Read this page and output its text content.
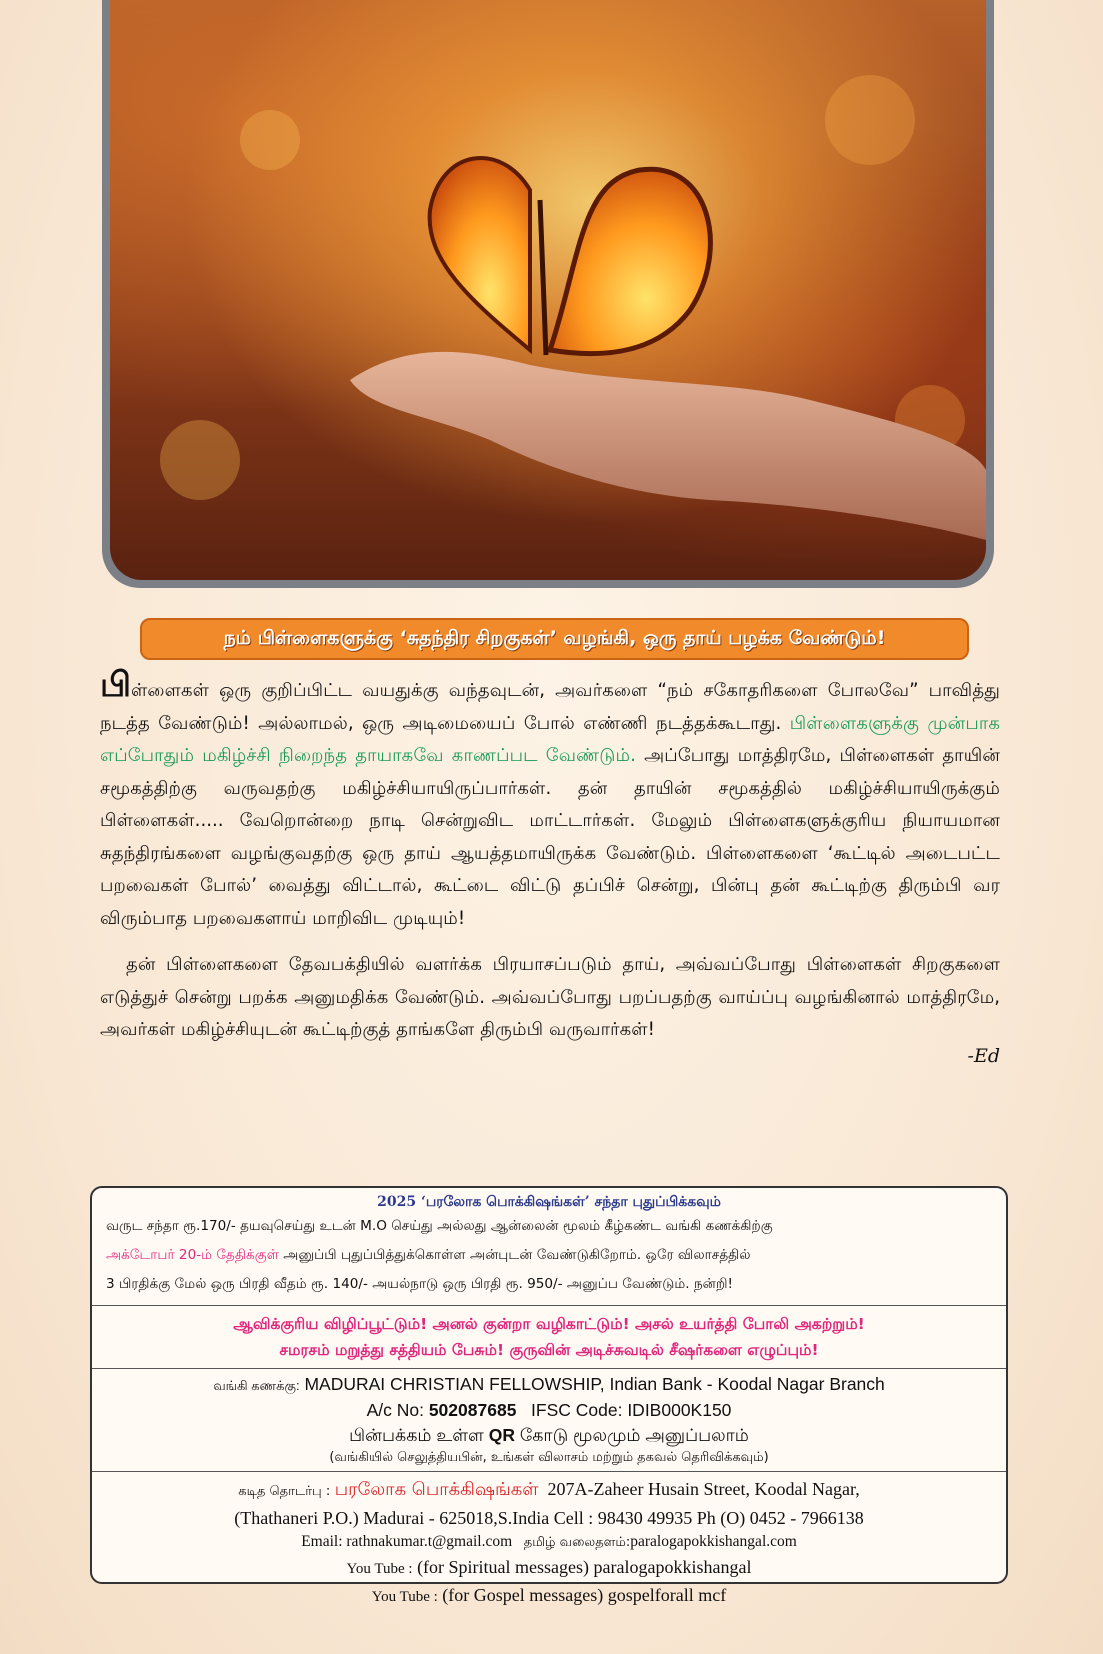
நம் பிள்ளைகளுக்கு ‘சுதந்திர சிறகுகள்’ வழங்கி, ஒரு தாய் பழக்க வேண்டும்!

பிள்ளைகள் ஒரு குறிப்பிட்ட வயதுக்கு வந்தவுடன், அவர்களை “நம் சகோதரிகளை போலவே” பாவித்து நடத்த வேண்டும்! அல்லாமல், ஒரு அடிமையைப் போல் எண்ணி நடத்தக்கூடாது. பிள்ளைகளுக்கு முன்பாக எப்போதும் மகிழ்ச்சி நிறைந்த தாயாகவே காணப்பட வேண்டும். அப்போது மாத்திரமே, பிள்ளைகள் தாயின் சமூகத்திற்கு வருவதற்கு மகிழ்ச்சியாயிருப்பார்கள். தன் தாயின் சமூகத்தில் மகிழ்ச்சியாயிருக்கும் பிள்ளைகள்..... வேறொன்றை நாடி சென்றுவிட மாட்டார்கள். மேலும் பிள்ளைகளுக்குரிய நியாயமான சுதந்திரங்களை வழங்குவதற்கு ஒரு தாய் ஆயத்தமாயிருக்க வேண்டும். பிள்ளைகளை ‘கூட்டில் அடைபட்ட பறவைகள் போல்’ வைத்து விட்டால், கூட்டை விட்டு தப்பிச் சென்று, பின்பு தன் கூட்டிற்கு திரும்பி வர விரும்பாத பறவைகளாய் மாறிவிட முடியும்!

தன் பிள்ளைகளை தேவபக்தியில் வளர்க்க பிரயாசப்படும் தாய், அவ்வப்போது பிள்ளைகள் சிறகுகளை எடுத்துச் சென்று பறக்க அனுமதிக்க வேண்டும். அவ்வப்போது பறப்பதற்கு வாய்ப்பு வழங்கினால் மாத்திரமே, அவர்கள் மகிழ்ச்சியுடன் கூட்டிற்குத் தாங்களே திரும்பி வருவார்கள்!

-Ed
2025 ‘பரலோக பொக்கிஷங்கள்’ சந்தா புதுப்பிக்கவும்

வருட சந்தா ரூ.170/- தயவுசெய்து உடன் M.O செய்து அல்லது ஆன்லைன் மூலம் கீழ்கண்ட வங்கி கணக்கிற்கு

அக்டோபர் 20-ம் தேதிக்குள் அனுப்பி புதுப்பித்துக்கொள்ள அன்புடன் வேண்டுகிறோம். ஒரே விலாசத்தில்

3 பிரதிக்கு மேல் ஒரு பிரதி வீதம் ரூ. 140/- அயல்நாடு ஒரு பிரதி ரூ. 950/- அனுப்ப வேண்டும். நன்றி!

ஆவிக்குரிய விழிப்பூட்டும்! அனல் குன்றா வழிகாட்டும்! அசல் உயர்த்தி போலி அகற்றும்!
சமரசம் மறுத்து சத்தியம் பேசும்! குருவின் அடிச்சுவடில் சீஷர்களை எழுப்பும்!
வங்கி கணக்கு: MADURAI CHRISTIAN FELLOWSHIP, Indian Bank - Koodal Nagar Branch
A/c No: 502087685 IFSC Code: IDIB000K150
பின்பக்கம் உள்ள QR கோடு மூலமும் அனுப்பலாம்
(வங்கியில் செலுத்தியபின், உங்கள் விலாசம் மற்றும் தகவல் தெரிவிக்கவும்)
கடித தொடர்பு : பரலோக பொக்கிஷங்கள் 207A-Zaheer Husain Street, Koodal Nagar,
(Thathaneri P.O.) Madurai - 625018,S.India Cell : 98430 49935 Ph (O) 0452 - 7966138
Email: rathnakumar.t@gmail.com தமிழ் வலைதளம்:paralogapokkishangal.com
You Tube : (for Spiritual messages) paralogapokkishangal
You Tube : (for Gospel messages) gospelforall mcf
